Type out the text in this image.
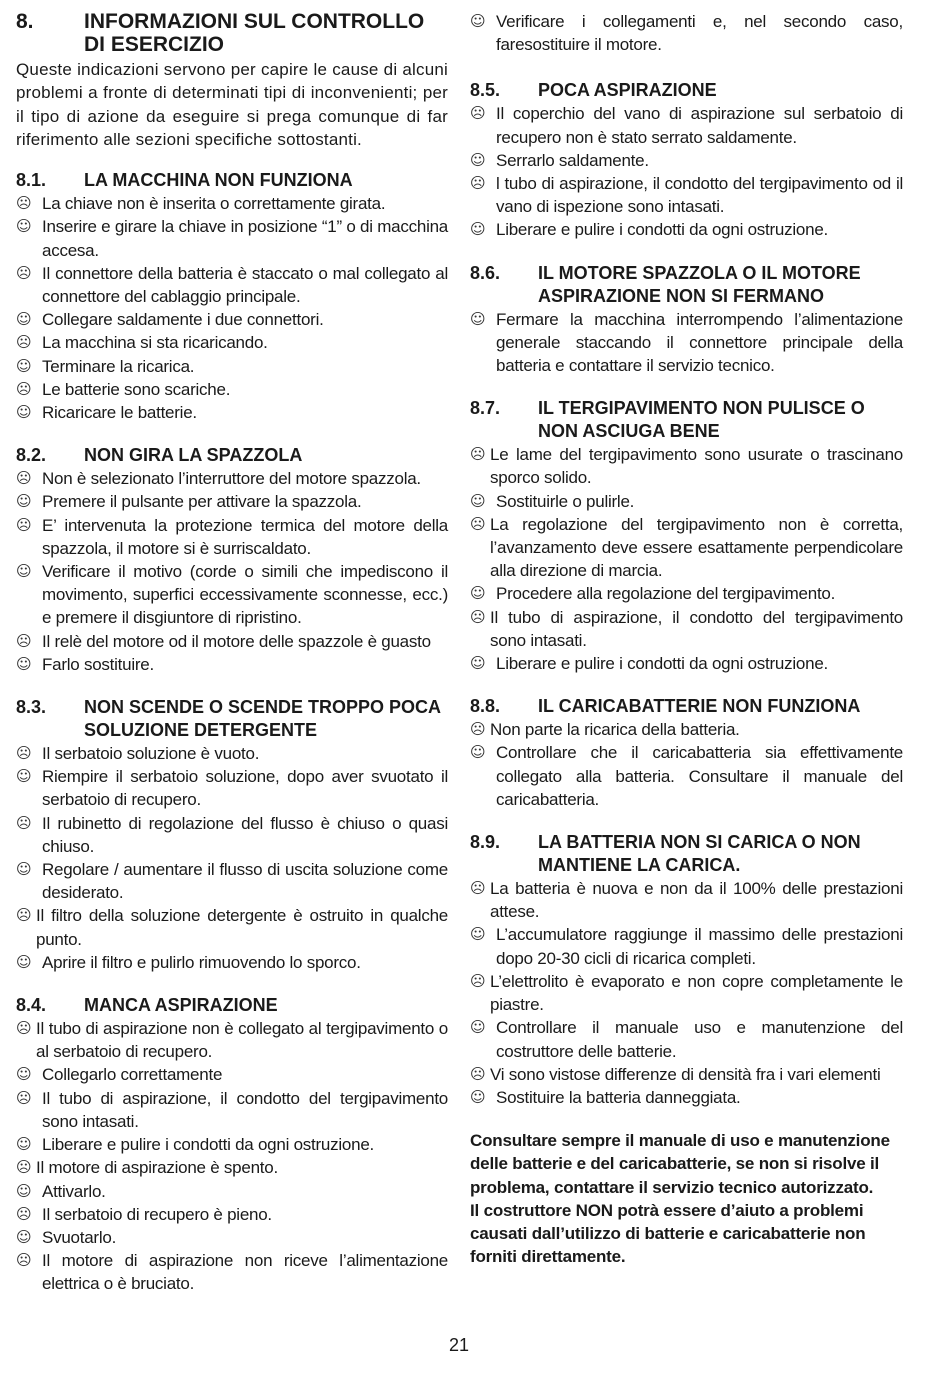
8.	INFORMAZIONI SUL CONTROLLO DI ESERCIZIO

Queste indicazioni servono per capire le cause di alcuni problemi a fronte di determinati tipi di inconvenienti; per il tipo di azione da eseguire si prega comunque di far riferimento alle sezioni specifiche sottostanti.

8.1.	LA MACCHINA NON FUNZIONA
☹ La chiave non è inserita o correttamente girata.
☺ Inserire e girare la chiave in posizione “1” o di macchina accesa.
☹ Il connettore della batteria è staccato o mal collegato al connettore del cablaggio principale.
☺ Collegare saldamente i due connettori.
☹ La macchina si sta ricaricando.
☺ Terminare la ricarica.
☹ Le batterie sono scariche.
☺ Ricaricare le batterie.
8.2.	NON GIRA LA SPAZZOLA
☹ Non è selezionato l’interruttore del motore spazzola.
☺ Premere il pulsante per attivare la spazzola.
☹ E’ intervenuta la protezione termica del motore della spazzola, il motore si è surriscaldato.
☺ Verificare il motivo (corde o simili che impediscono il movimento, superfici eccessivamente sconnesse, ecc.) e premere il disgiuntore di ripristino.
☹ Il relè del motore od il motore delle spazzole è guasto
☺ Farlo sostituire.
8.3.	NON SCENDE O SCENDE TROPPO POCA SOLUZIONE DETERGENTE
☹ Il serbatoio soluzione è vuoto.
☺ Riempire il serbatoio soluzione, dopo aver svuotato il serbatoio di recupero.
☹ Il rubinetto di regolazione del flusso è chiuso o quasi chiuso.
☺ Regolare / aumentare il flusso di uscita soluzione come desiderato.
☹ Il filtro della soluzione detergente è ostruito in qualche punto.
☺ Aprire il filtro e pulirlo rimuovendo lo sporco.
8.4.	MANCA ASPIRAZIONE
☹ Il tubo di aspirazione non è collegato al tergipavimento o al serbatoio di recupero.
☺ Collegarlo correttamente
☹ Il tubo di aspirazione, il condotto del tergipavimento sono intasati.
☺ Liberare e pulire i condotti da ogni ostruzione.
☹ Il motore di aspirazione è spento.
☺ Attivarlo.
☹ Il serbatoio di recupero è pieno.
☺ Svuotarlo.
☹ Il motore di aspirazione non riceve l’alimentazione elettrica o è bruciato.
☺ Verificare i collegamenti e, nel secondo caso, faresostituire il motore.
8.5.	POCA ASPIRAZIONE
☹ Il coperchio del vano di aspirazione sul serbatoio di recupero non è stato serrato saldamente.
☺ Serrarlo saldamente.
☹ l tubo di aspirazione, il condotto del tergipavimento od il vano di ispezione sono intasati.
☺ Liberare e pulire i condotti da ogni ostruzione.
8.6.	IL MOTORE SPAZZOLA O IL MOTORE ASPIRAZIONE NON SI FERMANO
☺ Fermare la macchina interrompendo l’alimentazione generale staccando il connettore principale della batteria e contattare il servizio tecnico.
8.7.	IL TERGIPAVIMENTO NON PULISCE O NON ASCIUGA BENE
☹ Le lame del tergipavimento sono usurate o trascinano sporco solido.
☺ Sostituirle o pulirle.
☹ La regolazione del tergipavimento non è corretta, l’avanzamento deve essere esattamente perpendicolare alla direzione di marcia.
☺ Procedere alla regolazione del tergipavimento.
☹ Il tubo di aspirazione, il condotto del tergipavimento sono intasati.
☺ Liberare e pulire i condotti da ogni ostruzione.
8.8.	IL CARICABATTERIE NON FUNZIONA
☹ Non parte la ricarica della batteria.
☺ Controllare che il caricabatteria sia effettivamente collegato alla batteria. Consultare il manuale del caricabatteria.
8.9.	LA BATTERIA NON SI CARICA O NON MANTIENE LA CARICA.
☹ La batteria è nuova e non da il 100% delle prestazioni attese.
☺ L’accumulatore raggiunge il massimo delle prestazioni dopo 20-30 cicli di ricarica completi.
☹ L’elettrolito è evaporato e non copre completamente le piastre.
☺ Controllare il manuale uso e manutenzione del costruttore delle batterie.
☹ Vi sono vistose differenze di densità fra i vari elementi
☺ Sostituire la batteria danneggiata.

Consultare sempre il manuale di uso e manutenzione delle batterie e del caricabatterie, se non si risolve il problema, contattare il servizio tecnico autorizzato.

Il costruttore NON potrà essere d’aiuto a problemi causati dall’utilizzo di batterie e caricabatterie non forniti direttamente.

21
